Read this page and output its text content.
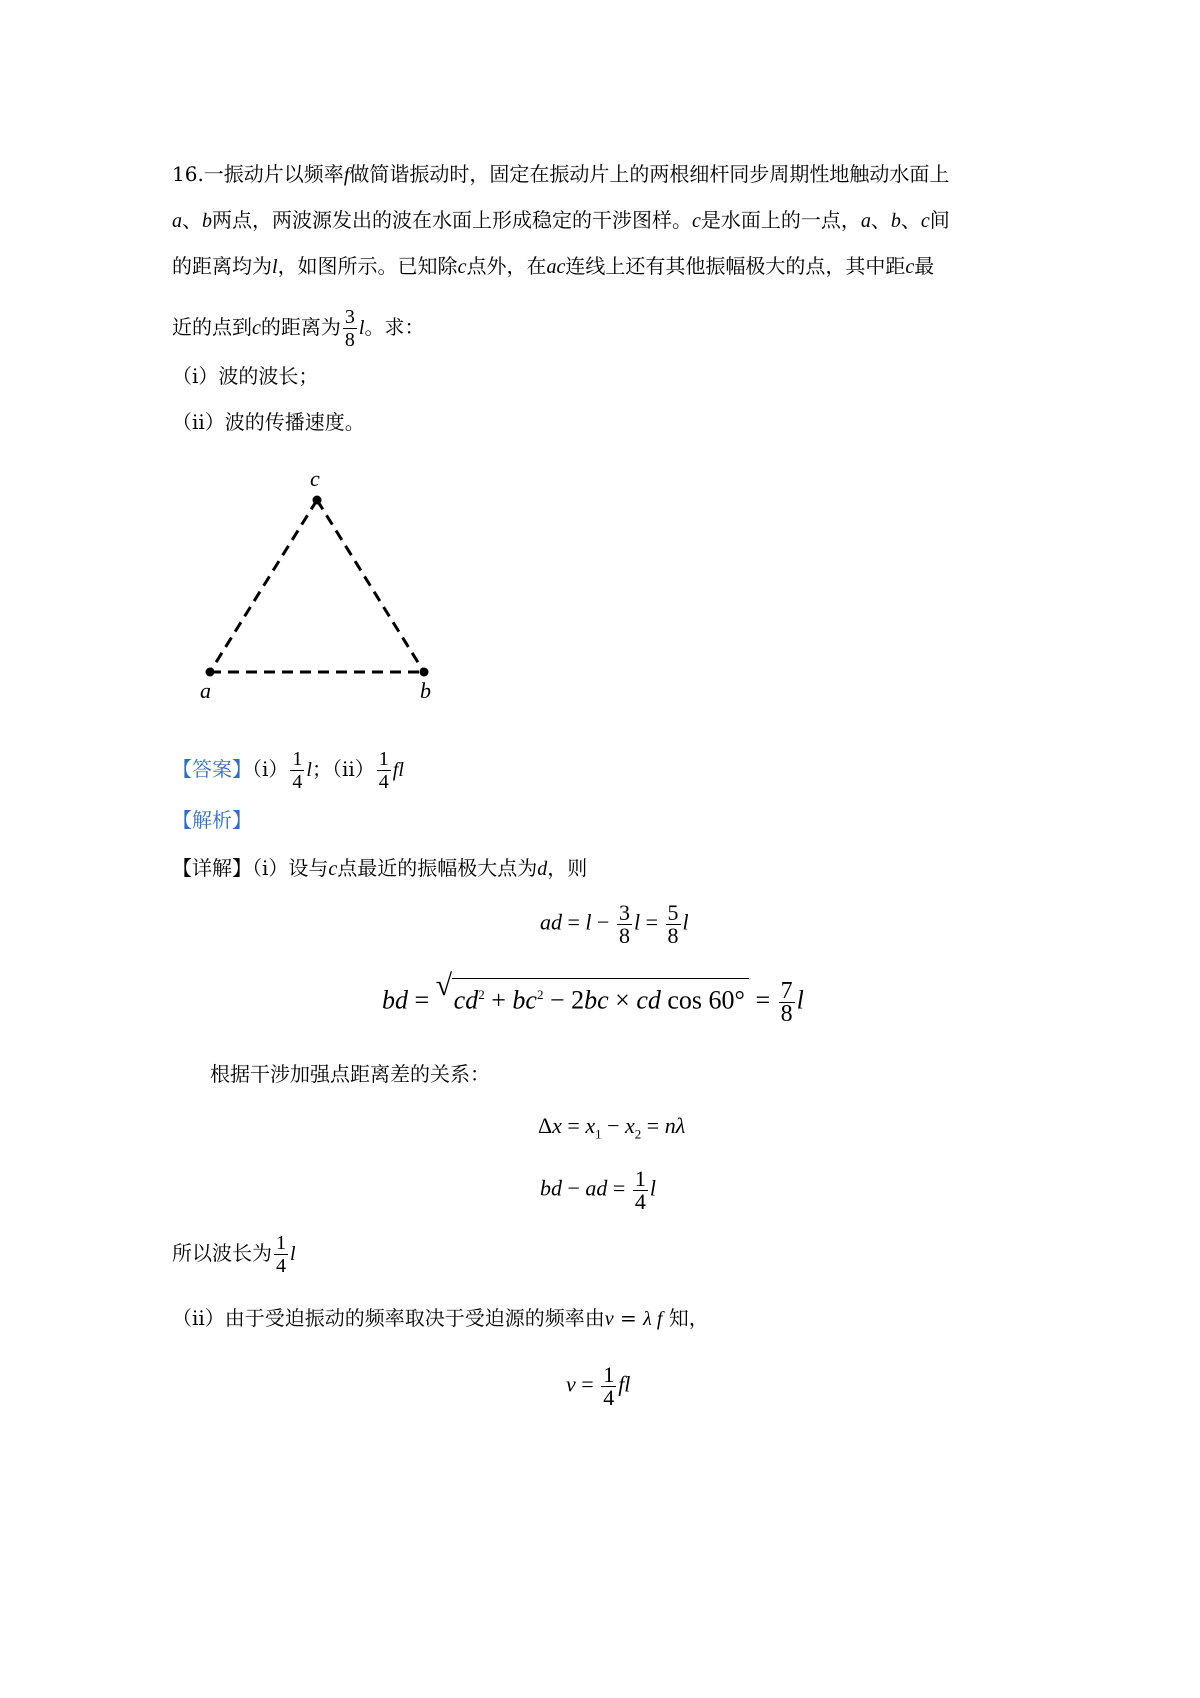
16.一振动片以频率f做简谐振动时，固定在振动片上的两根细杆同步周期性地触动水面上
a、b两点，两波源发出的波在水面上形成稳定的干涉图样。c是水面上的一点，a、b、c间
的距离均为l，如图所示。已知除c点外，在ac连线上还有其他振幅极大的点，其中距c最
近的点到c的距离为 $\frac{3}{8}$ l。求：
（i）波的波长；
（ii）波的传播速度。
c
a	b
【答案】$(i) \frac{1}{4}$ l；$(ii) \frac{1}{4}$ fl
【解析】
【详解】（i）设与c点最近的振幅极大点为d，则
ad = $l - \frac{3}{8}$ $l = \frac{5}{8}$ l
bd = √ $cd^2 + bc^2 - 2bc$ × cd $\cos 60^\circ = \frac{7}{8}$ l
根据干涉加强点距离差的关系：
$\Delta x = x_1 - x_2 = n\lambda$
bd − ad = $\frac{1}{4}$ l
所以波长为 $\frac{1}{4}$ l
（ii）由于受迫振动的频率取决于受迫源的频率由v = λ f 知，
$v = \frac{1}{4}$ fl
